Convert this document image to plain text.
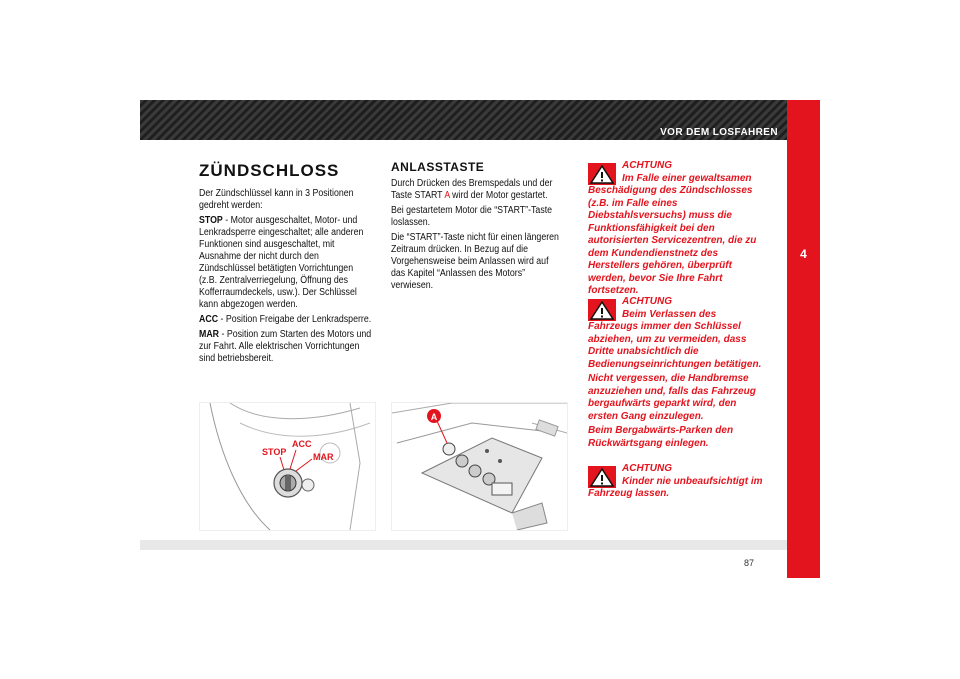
VOR DEM LOSFAHREN
4
87
ZÜNDSCHLOSS

Der Zündschlüssel kann in 3 Positionen gedreht werden:

STOP - Motor ausgeschaltet, Motor- und Lenkradsperre eingeschaltet; alle anderen Funktionen sind ausgeschaltet, mit Ausnahme der nicht durch den Zündschlüssel betätigten Vorrichtungen (z.B. Zentralverriegelung, Öffnung des Kofferraumdeckels, usw.). Der Schlüssel kann abgezogen werden.

ACC - Position Freigabe der Lenkradsperre.

MAR - Position zum Starten des Motors und zur Fahrt. Alle elektrischen Vorrichtungen sind betriebsbereit.

STOP
ACC
MAR
ANLASSTASTE

Durch Drücken des Bremspedals und der Taste START A wird der Motor gestartet.

Bei gestartetem Motor die “START”-Taste loslassen.

Die “START”-Taste nicht für einen längeren Zeitraum drücken. In Bezug auf die Vorgehensweise beim Anlassen wird auf das Kapitel “Anlassen des Motors” verwiesen.

A
ACHTUNG

Im Falle einer gewaltsamen Beschädigung des Zündschlosses (z.B. im Falle eines Diebstahlsversuchs) muss die Funktionsfähigkeit bei den autorisierten Servicezentren, die zu dem Kundendienstnetz des Herstellers gehören, überprüft werden, bevor Sie Ihre Fahrt fortsetzen.

ACHTUNG

Beim Verlassen des Fahrzeugs immer den Schlüssel abziehen, um zu vermeiden, dass Dritte unabsichtlich die Bedienungseinrichtungen betätigen.

Nicht vergessen, die Handbremse anzuziehen und, falls das Fahrzeug bergaufwärts geparkt wird, den ersten Gang einzulegen.

Beim Bergabwärts-Parken den Rückwärtsgang einlegen.

ACHTUNG

Kinder nie unbeaufsichtigt im Fahrzeug lassen.
